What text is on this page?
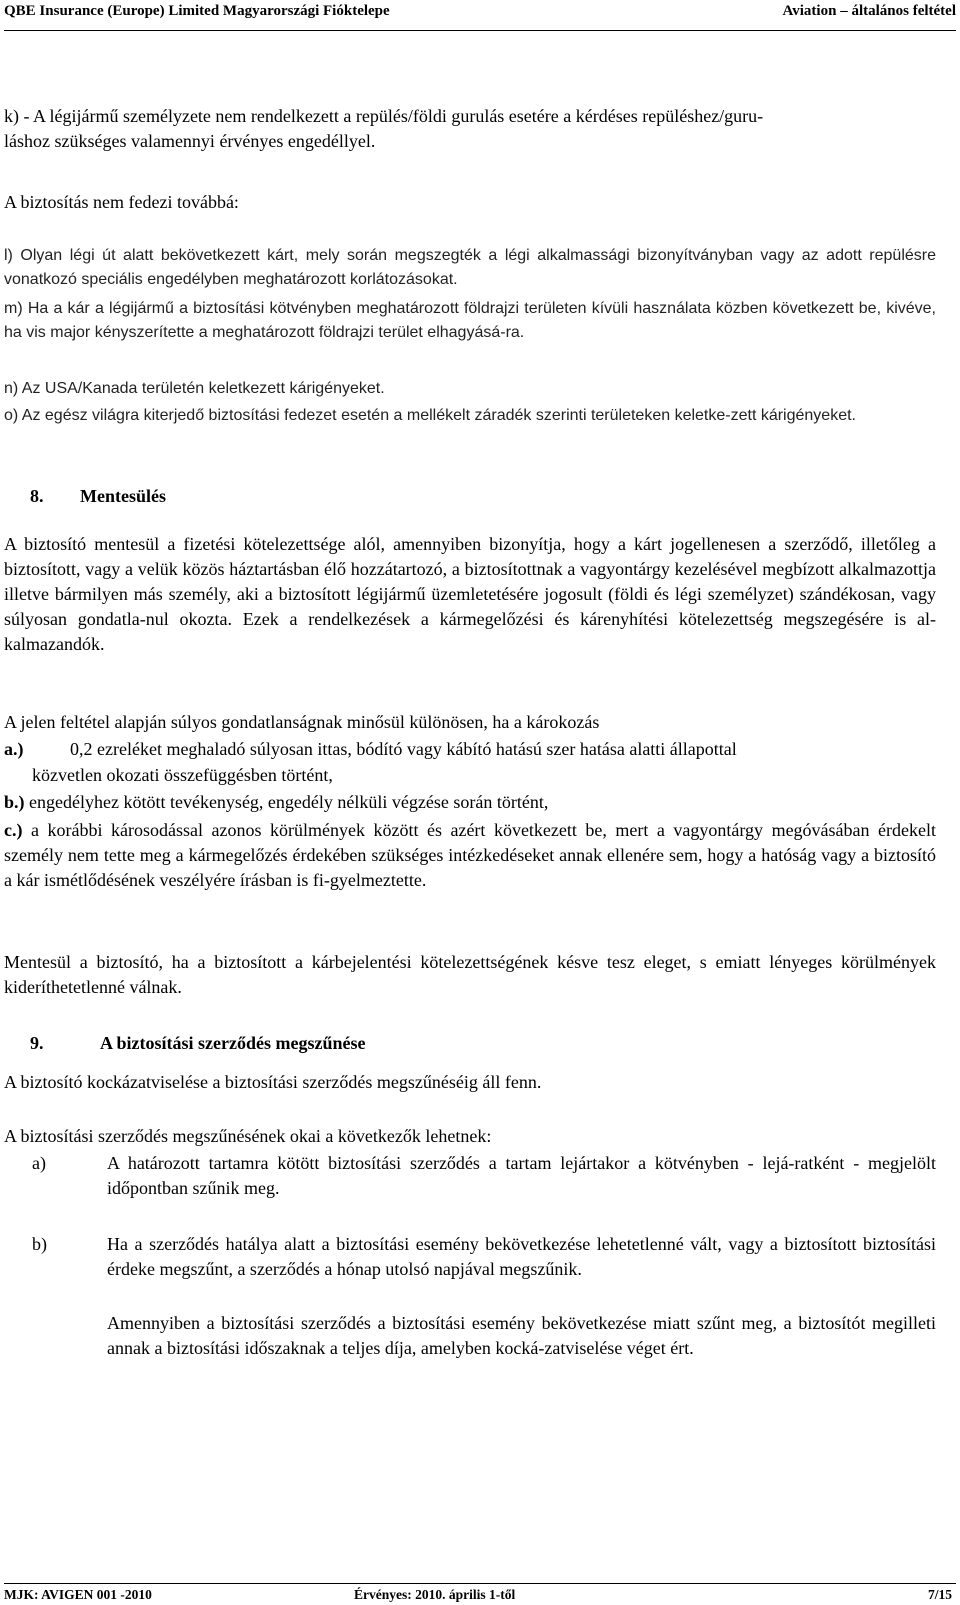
QBE Insurance (Europe) Limited Magyarországi Fióktelepe	Aviation – általános feltétel
k) - A légijármű személyzete nem rendelkezett a repülés/földi gurulás esetére a kérdéses repüléshez/guru-
láshoz szükséges valamennyi érvényes engedéllyel.

A biztosítás nem fedezi továbbá:

l) Olyan légi út alatt bekövetkezett kárt, mely során megszegték a légi alkalmassági bizonyítványban vagy az adott repülésre vonatkozó speciális engedélyben meghatározott korlátozásokat.

m) Ha a kár a légijármű a biztosítási kötvényben meghatározott földrajzi területen kívüli használata közben következett be, kivéve, ha vis major kényszerítette a meghatározott földrajzi terület elhagyásá-ra.

n) Az USA/Kanada területén keletkezett kárigényeket.

o) Az egész világra kiterjedő biztosítási fedezet esetén a mellékelt záradék szerinti területeken keletke-zett kárigényeket.

8. Mentesülés

A biztosító mentesül a fizetési kötelezettsége alól, amennyiben bizonyítja, hogy a kárt jogellenesen a szerződő, illetőleg a biztosított, vagy a velük közös háztartásban élő hozzátartozó, a biztosítottnak a vagyontárgy kezelésével megbízott alkalmazottja illetve bármilyen más személy, aki a biztosított légijármű üzemletetésére jogosult (földi és légi személyzet) szándékosan, vagy súlyosan gondatla-nul okozta. Ezek a rendelkezések a kármegelőzési és kárenyhítési kötelezettség megszegésére is al-kalmazandók.

A jelen feltétel alapján súlyos gondatlanságnak minősül különösen, ha a károkozás

a.)	0,2 ezreléket meghaladó súlyosan ittas, bódító vagy kábító hatású szer hatása alatti állapottal
közvetlen okozati összefüggésben történt,

b.) engedélyhez kötött tevékenység, engedély nélküli végzése során történt,

c.) a korábbi károsodással azonos körülmények között és azért következett be, mert a vagyontárgy megóvásában érdekelt személy nem tette meg a kármegelőzés érdekében szükséges intézkedéseket annak ellenére sem, hogy a hatóság vagy a biztosító a kár ismétlődésének veszélyére írásban is fi-gyelmeztette.

Mentesül a biztosító, ha a biztosított a kárbejelentési kötelezettségének késve tesz eleget, s emiatt lényeges körülmények kideríthetetlenné válnak.

9.	A biztosítási szerződés megszűnése

A biztosító kockázatviselése a biztosítási szerződés megszűnéséig áll fenn.

A biztosítási szerződés megszűnésének okai a következők lehetnek:

a)	A határozott tartamra kötött biztosítási szerződés a tartam lejártakor a kötvényben - lejá-ratként - megjelölt időpontban szűnik meg.
b)	Ha a szerződés hatálya alatt a biztosítási esemény bekövetkezése lehetetlenné vált, vagy a biztosított biztosítási érdeke megszűnt, a szerződés a hónap utolsó napjával megszűnik.
Amennyiben a biztosítási szerződés a biztosítási esemény bekövetkezése miatt szűnt meg, a biztosítót megilleti annak a biztosítási időszaknak a teljes díja, amelyben kocká-zatviselése véget ért.
MJK: AVIGEN 001 -2010	Érvényes: 2010. április 1-től	7/15
